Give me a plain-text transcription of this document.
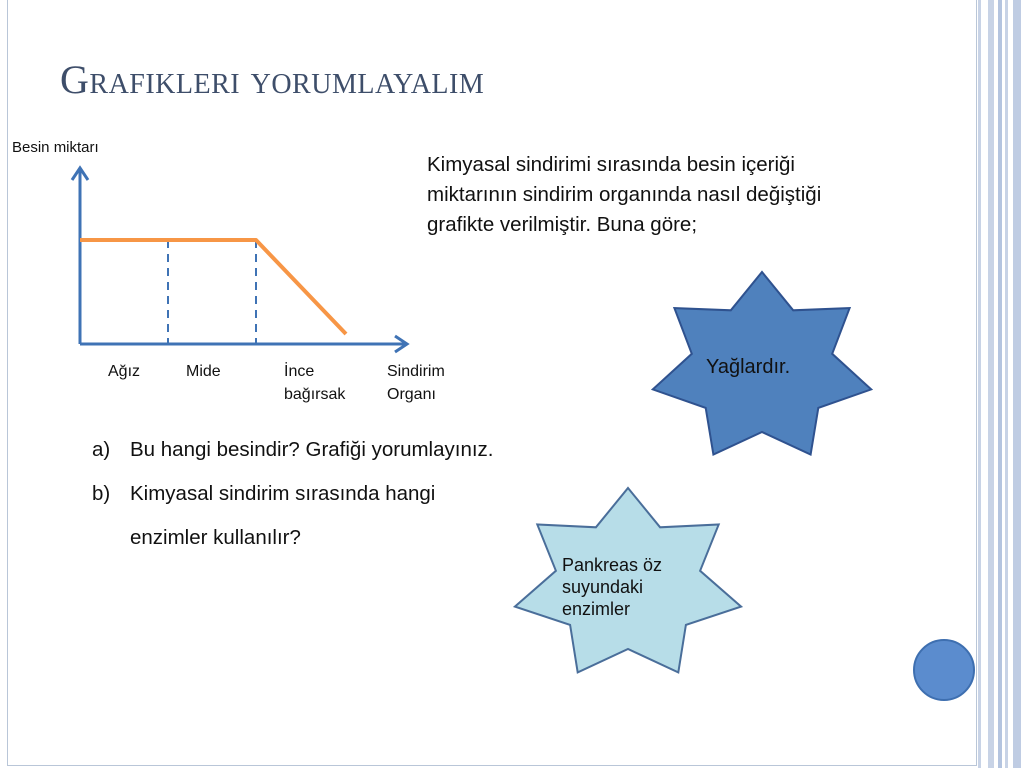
Grafikleri yorumlayalim
Besin miktarı
Ağız	Mide	İnce
bağırsak
Sindirim
Organı
Kimyasal sindirimi sırasında besin içeriği miktarının sindirim organında nasıl değiştiği grafikte verilmiştir. Buna göre;
a) Bu hangi besindir? Grafiği yorumlayınız.
b) Kimyasal sindirim sırasında hangi enzimler kullanılır?
Yağlardır.
Pankreas öz suyundaki enzimler
